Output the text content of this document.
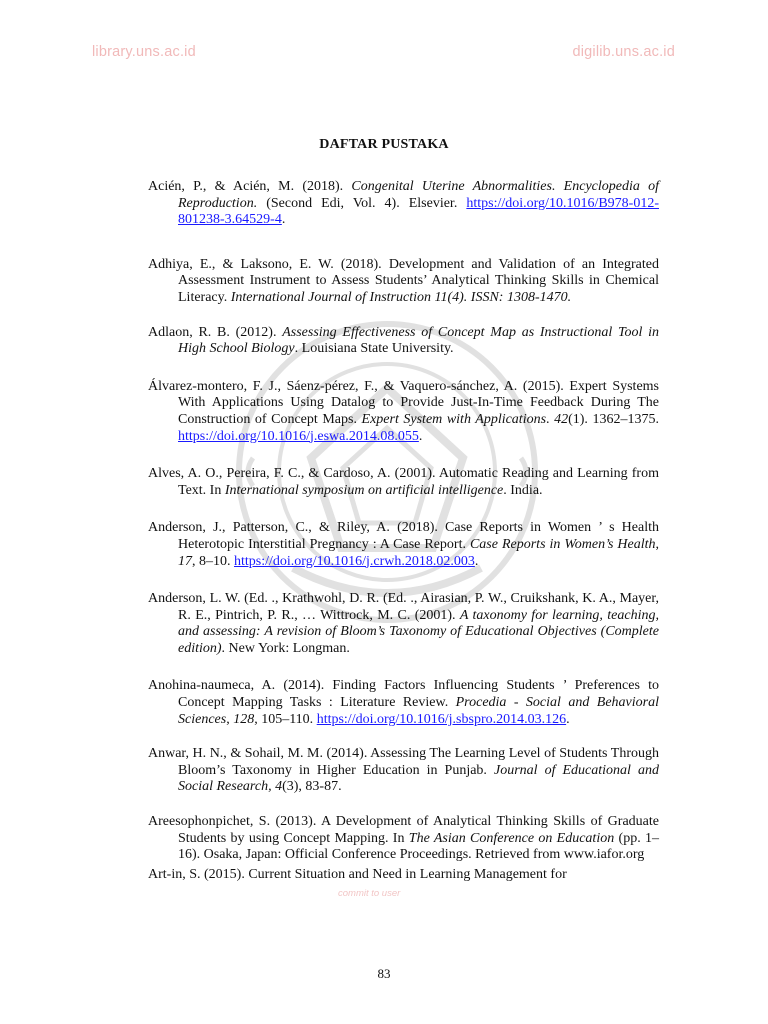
library.uns.ac.id	digilib.uns.ac.id
DAFTAR PUSTAKA

Acién, P., & Acién, M. (2018). Congenital Uterine Abnormalities. Encyclopedia of Reproduction. (Second Edi, Vol. 4). Elsevier. https://doi.org/10.1016/B978-012-801238-3.64529-4.

Adhiya, E., & Laksono, E. W. (2018). Development and Validation of an Integrated Assessment Instrument to Assess Students’ Analytical Thinking Skills in Chemical Literacy. International Journal of Instruction 11(4). ISSN: 1308-1470.

Adlaon, R. B. (2012). Assessing Effectiveness of Concept Map as Instructional Tool in High School Biology. Louisiana State University.

Álvarez-montero, F. J., Sáenz-pérez, F., & Vaquero-sánchez, A. (2015). Expert Systems With Applications Using Datalog to Provide Just-In-Time Feedback During The Construction of Concept Maps. Expert System with Applications. 42(1). 1362–1375. https://doi.org/10.1016/j.eswa.2014.08.055.

Alves, A. O., Pereira, F. C., & Cardoso, A. (2001). Automatic Reading and Learning from Text. In International symposium on artificial intelligence. India.

Anderson, J., Patterson, C., & Riley, A. (2018). Case Reports in Women ’ s Health Heterotopic Interstitial Pregnancy : A Case Report. Case Reports in Women’s Health, 17, 8–10. https://doi.org/10.1016/j.crwh.2018.02.003.

Anderson, L. W. (Ed. ., Krathwohl, D. R. (Ed. ., Airasian, P. W., Cruikshank, K. A., Mayer, R. E., Pintrich, P. R., … Wittrock, M. C. (2001). A taxonomy for learning, teaching, and assessing: A revision of Bloom’s Taxonomy of Educational Objectives (Complete edition). New York: Longman.

Anohina-naumeca, A. (2014). Finding Factors Influencing Students ’ Preferences to Concept Mapping Tasks : Literature Review. Procedia - Social and Behavioral Sciences, 128, 105–110. https://doi.org/10.1016/j.sbspro.2014.03.126.

Anwar, H. N., & Sohail, M. M. (2014). Assessing The Learning Level of Students Through Bloom’s Taxonomy in Higher Education in Punjab. Journal of Educational and Social Research, 4(3), 83-87.

Areesophonpichet, S. (2013). A Development of Analytical Thinking Skills of Graduate Students by using Concept Mapping. In The Asian Conference on Education (pp. 1–16). Osaka, Japan: Official Conference Proceedings. Retrieved from www.iafor.org

Art-in, S. (2015). Current Situation and Need in Learning Management for

commit to user
83
